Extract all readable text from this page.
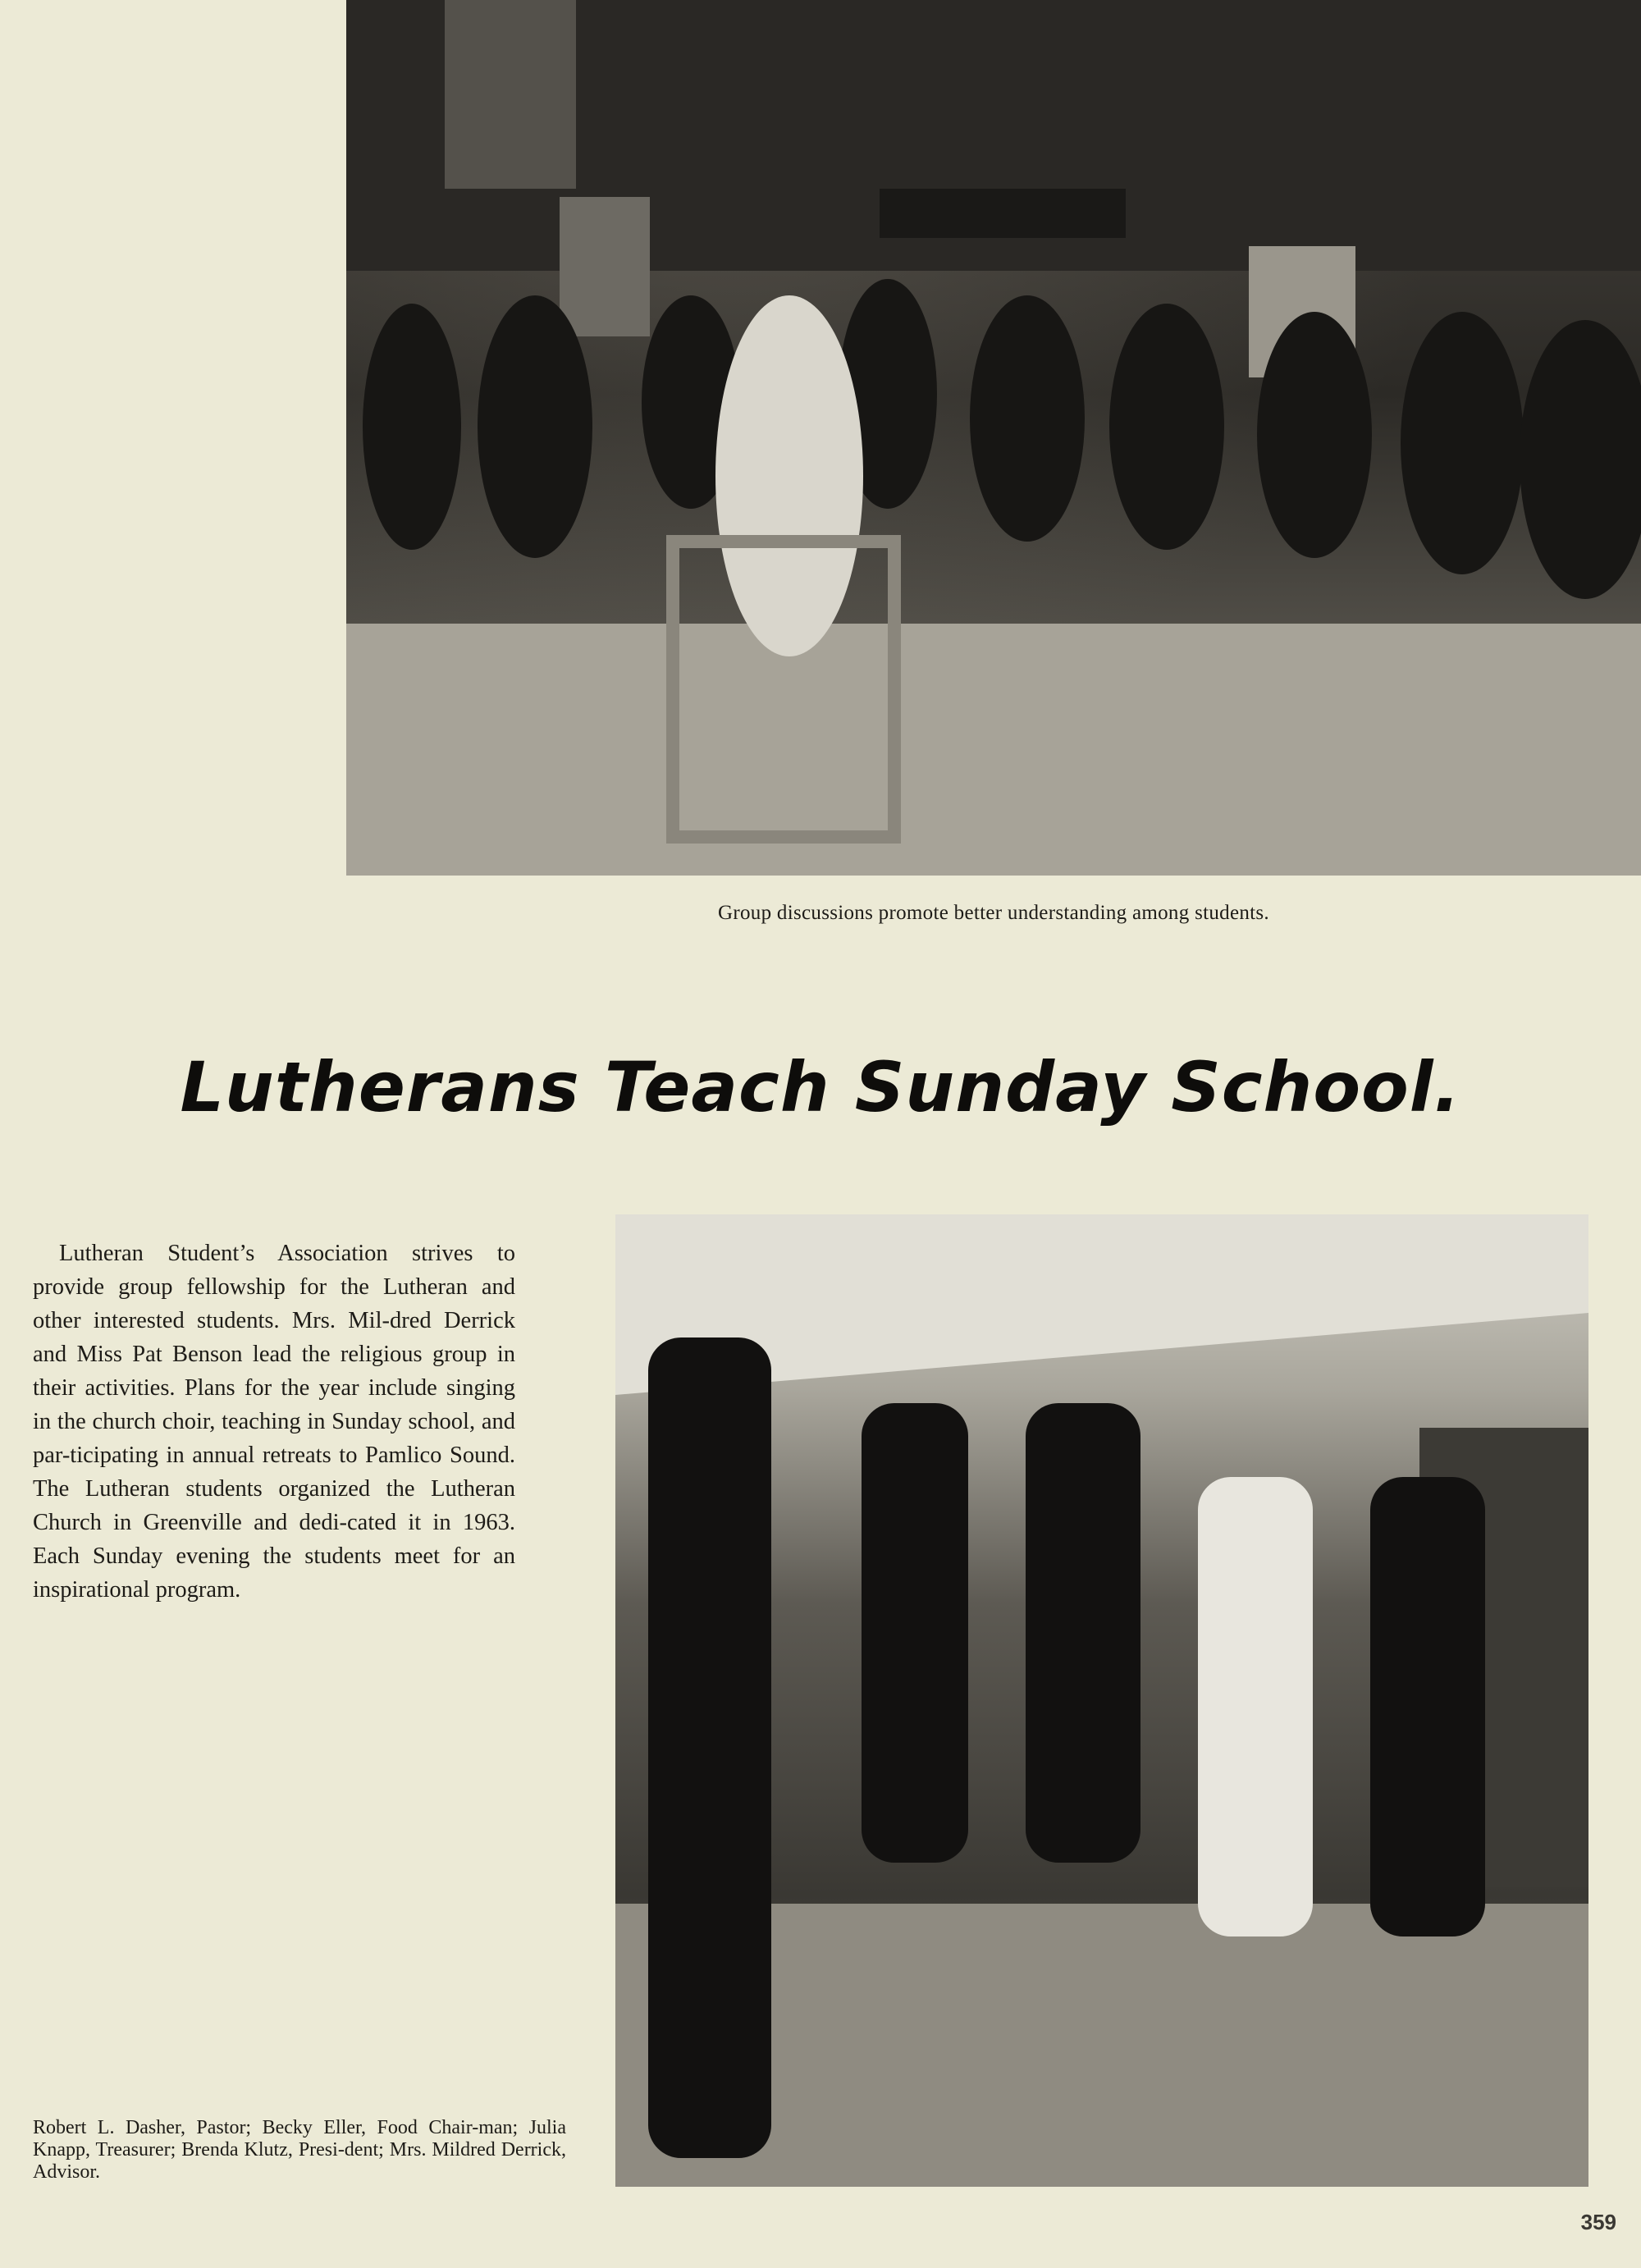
Group discussions promote better understanding among students.
Lutherans Teach Sunday School.

Lutheran Student’s Association strives to provide group fellowship for the Lutheran and other interested students. Mrs. Mil-dred Derrick and Miss Pat Benson lead the religious group in their activities. Plans for the year include singing in the church choir, teaching in Sunday school, and par-ticipating in annual retreats to Pamlico Sound. The Lutheran students organized the Lutheran Church in Greenville and dedi-cated it in 1963. Each Sunday evening the students meet for an inspirational program.

Robert L. Dasher, Pastor; Becky Eller, Food Chair-man; Julia Knapp, Treasurer; Brenda Klutz, Presi-dent; Mrs. Mildred Derrick, Advisor.
359
